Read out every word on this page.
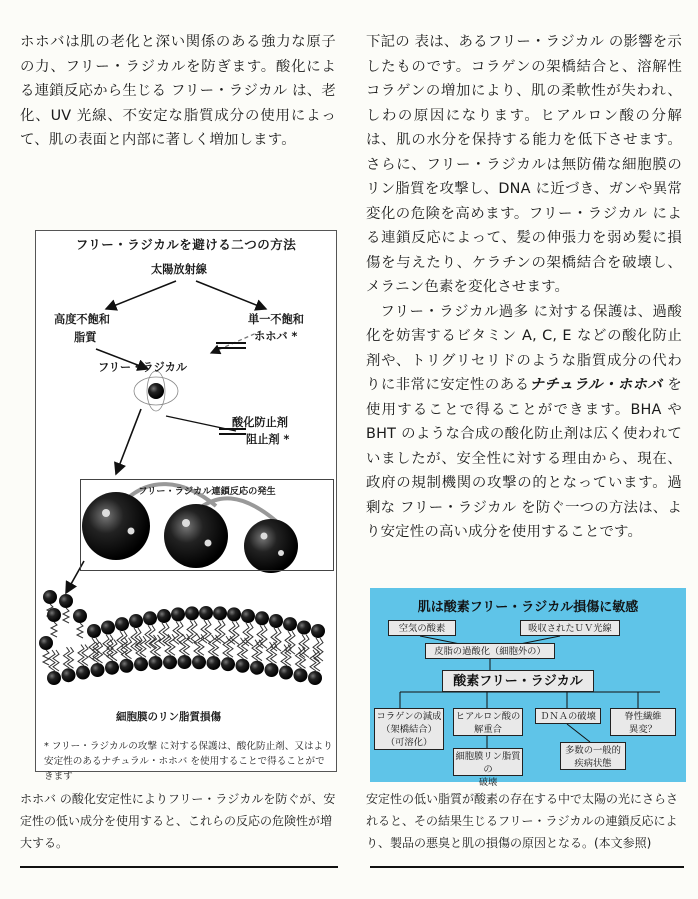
ホホバは肌の老化と深い関係のある強力な原子の力、フリー・ラジカルを防ぎます。酸化による連鎖反応から生じる フリー・ラジカル は、老化、UV 光線、不安定な脂質成分の使用によって、肌の表面と内部に著しく増加します。

下記の 表は、あるフリー・ラジカル の影響を示したものです。コラゲンの架橋結合と、溶解性コラゲンの増加により、肌の柔軟性が失われ、しわの原因になります。ヒアルロン酸の分解は、肌の水分を保持する能力を低下させます。さらに、フリー・ラジカルは無防備な細胞膜のリン脂質を攻撃し、DNA に近づき、ガンや異常変化の危険を高めます。フリー・ラジカル による連鎖反応によって、髪の伸張力を弱め髪に損傷を与えたり、ケラチンの架橋結合を破壊し、メラニン色素を変化させます。

フリー・ラジカル過多 に対する保護は、過酸化を妨害するビタミン A, C, E などの酸化防止剤や、トリグリセリドのような脂質成分の代わりに非常に安定性のあるナチュラル・ホホバ を使用することで得ることができます。BHA や BHT のような合成の酸化防止剤は広く使われていましたが、安全性に対する理由から、現在、政府の規制機関の攻撃の的となっています。過剰な フリー・ラジカル を防ぐ一つの方法は、より安定性の高い成分を使用することです。

フリー・ラジカルを避ける二つの方法
太陽放射線
高度不飽和
脂質
単一不飽和
ホホバ *
フリー・ラジカル
酸化防止剤
阻止剤 *
フリー・ラジカル連鎖反応の発生
細胞膜のリン脂質損傷
* フリー・ラジカルの攻撃 に対する保護は、酸化防止剤、又はより安定性のあるナチュラル・ホホバ を使用することで得ることができます
ホホバ の酸化安定性によりフリー・ラジカルを防ぐが、安定性の低い成分を使用すると、これらの反応の危険性が増大する。
肌は酸素フリー・ラジカル損傷に敏感
空気の酸素	吸収されたＵＶ光線
皮脂の過酸化（細胞外の）
酸素フリー・ラジカル
コラゲンの減成
（架橋結合）
（可溶化）
ヒアルロン酸の
解重合
ＤＮＡの破壊	脊性繊維
異変？
細胞膜リン脂質の
破壊
多数の一般的
疾病状態
安定性の低い脂質が酸素の存在する中で太陽の光にさらされると、その結果生じるフリー・ラジカルの連鎖反応により、製品の悪臭と肌の損傷の原因となる。(本文参照)
